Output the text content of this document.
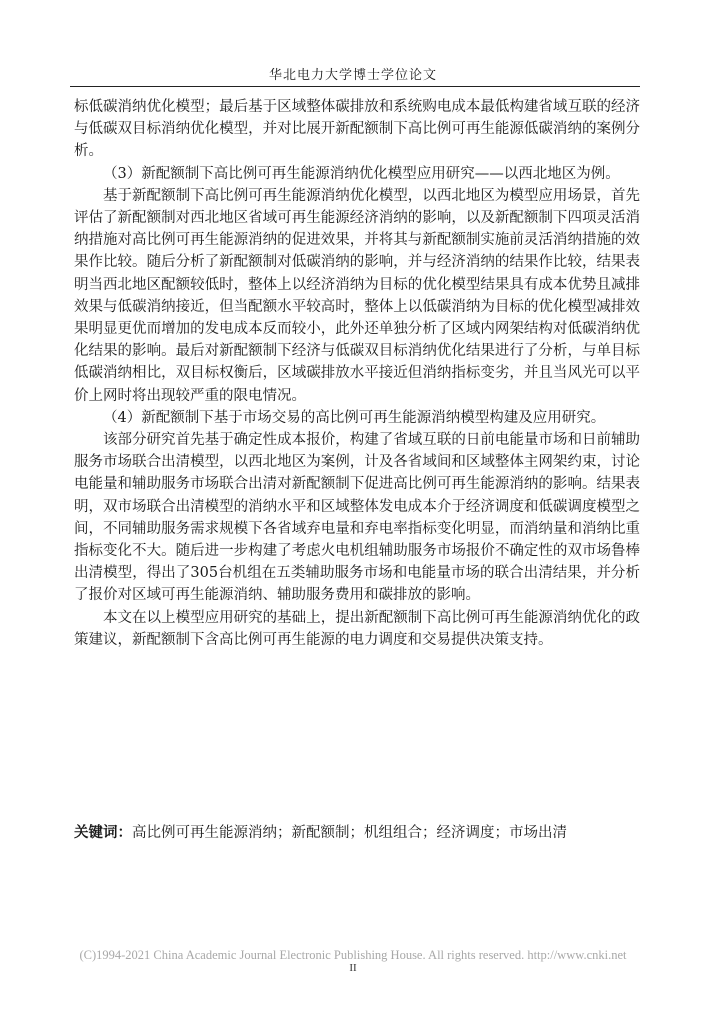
华北电力大学博士学位论文

标低碳消纳优化模型；最后基于区域整体碳排放和系统购电成本最低构建省域互联的经济与低碳双目标消纳优化模型，并对比展开新配额制下高比例可再生能源低碳消纳的案例分析。

（3）新配额制下高比例可再生能源消纳优化模型应用研究——以西北地区为例。

基于新配额制下高比例可再生能源消纳优化模型，以西北地区为模型应用场景，首先评估了新配额制对西北地区省域可再生能源经济消纳的影响，以及新配额制下四项灵活消纳措施对高比例可再生能源消纳的促进效果，并将其与新配额制实施前灵活消纳措施的效果作比较。随后分析了新配额制对低碳消纳的影响，并与经济消纳的结果作比较，结果表明当西北地区配额较低时，整体上以经济消纳为目标的优化模型结果具有成本优势且减排效果与低碳消纳接近，但当配额水平较高时，整体上以低碳消纳为目标的优化模型减排效果明显更优而增加的发电成本反而较小，此外还单独分析了区域内网架结构对低碳消纳优化结果的影响。最后对新配额制下经济与低碳双目标消纳优化结果进行了分析，与单目标低碳消纳相比，双目标权衡后，区域碳排放水平接近但消纳指标变劣，并且当风光可以平价上网时将出现较严重的限电情况。

（4）新配额制下基于市场交易的高比例可再生能源消纳模型构建及应用研究。

该部分研究首先基于确定性成本报价，构建了省域互联的日前电能量市场和日前辅助服务市场联合出清模型，以西北地区为案例，计及各省域间和区域整体主网架约束，讨论电能量和辅助服务市场联合出清对新配额制下促进高比例可再生能源消纳的影响。结果表明，双市场联合出清模型的消纳水平和区域整体发电成本介于经济调度和低碳调度模型之间，不同辅助服务需求规模下各省域弃电量和弃电率指标变化明显，而消纳量和消纳比重指标变化不大。随后进一步构建了考虑火电机组辅助服务市场报价不确定性的双市场鲁棒出清模型，得出了305台机组在五类辅助服务市场和电能量市场的联合出清结果，并分析了报价对区域可再生能源消纳、辅助服务费用和碳排放的影响。

本文在以上模型应用研究的基础上，提出新配额制下高比例可再生能源消纳优化的政策建议，新配额制下含高比例可再生能源的电力调度和交易提供决策支持。

关键词：高比例可再生能源消纳；新配额制；机组组合；经济调度；市场出清
(C)1994-2021 China Academic Journal Electronic Publishing House. All rights reserved. http://www.cnki.net
II
